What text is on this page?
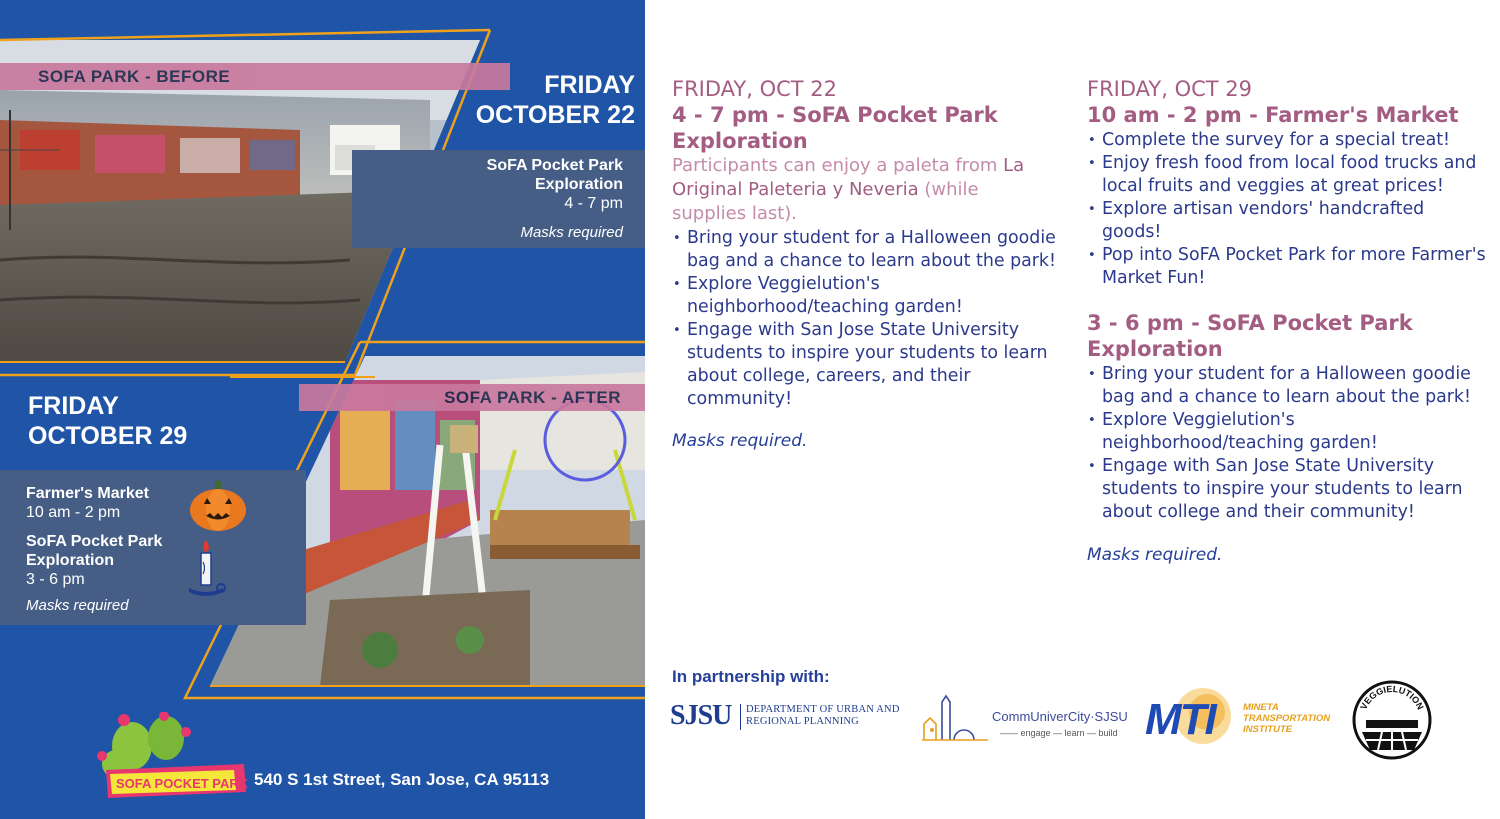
SOFA PARK - BEFORE
SOFA PARK - AFTER
FRIDAY
OCTOBER 22
SoFA Pocket Park
Exploration
4 - 7 pm
Masks required
FRIDAY
OCTOBER 29
Farmer's Market
10 am - 2 pm
SoFA Pocket Park
Exploration
3 - 6 pm
Masks required
SOFA POCKET PARK 540 S 1st Street, San Jose, CA 95113
FRIDAY, OCT 22
4 - 7 pm - SoFA Pocket Park
Exploration
Participants can enjoy a paleta from La Original Paleteria y Neveria (while supplies last).
• Bring your student for a Halloween goodie bag and a chance to learn about the park!
• Explore Veggielution's neighborhood/teaching garden!
• Engage with San Jose State University students to inspire your students to learn about college, careers, and their community!
Masks required.
FRIDAY, OCT 29
10 am - 2 pm - Farmer's Market
• Complete the survey for a special treat!
• Enjoy fresh food from local food trucks and local fruits and veggies at great prices!
• Explore artisan vendors' handcrafted goods!
• Pop into SoFA Pocket Park for more Farmer's Market Fun!
3 - 6 pm - SoFA Pocket Park
Exploration
• Bring your student for a Halloween goodie bag and a chance to learn about the park!
• Explore Veggielution's neighborhood/teaching garden!
• Engage with San Jose State University students to inspire your students to learn about college and their community!
Masks required.
In partnership with:
SJSU DEPARTMENT OF URBAN AND
REGIONAL PLANNING	CommUniverCity·SJSU
—— engage — learn — build MTI	MINETA
TRANSPORTATION
INSTITUTE
VEGGIELUTION
